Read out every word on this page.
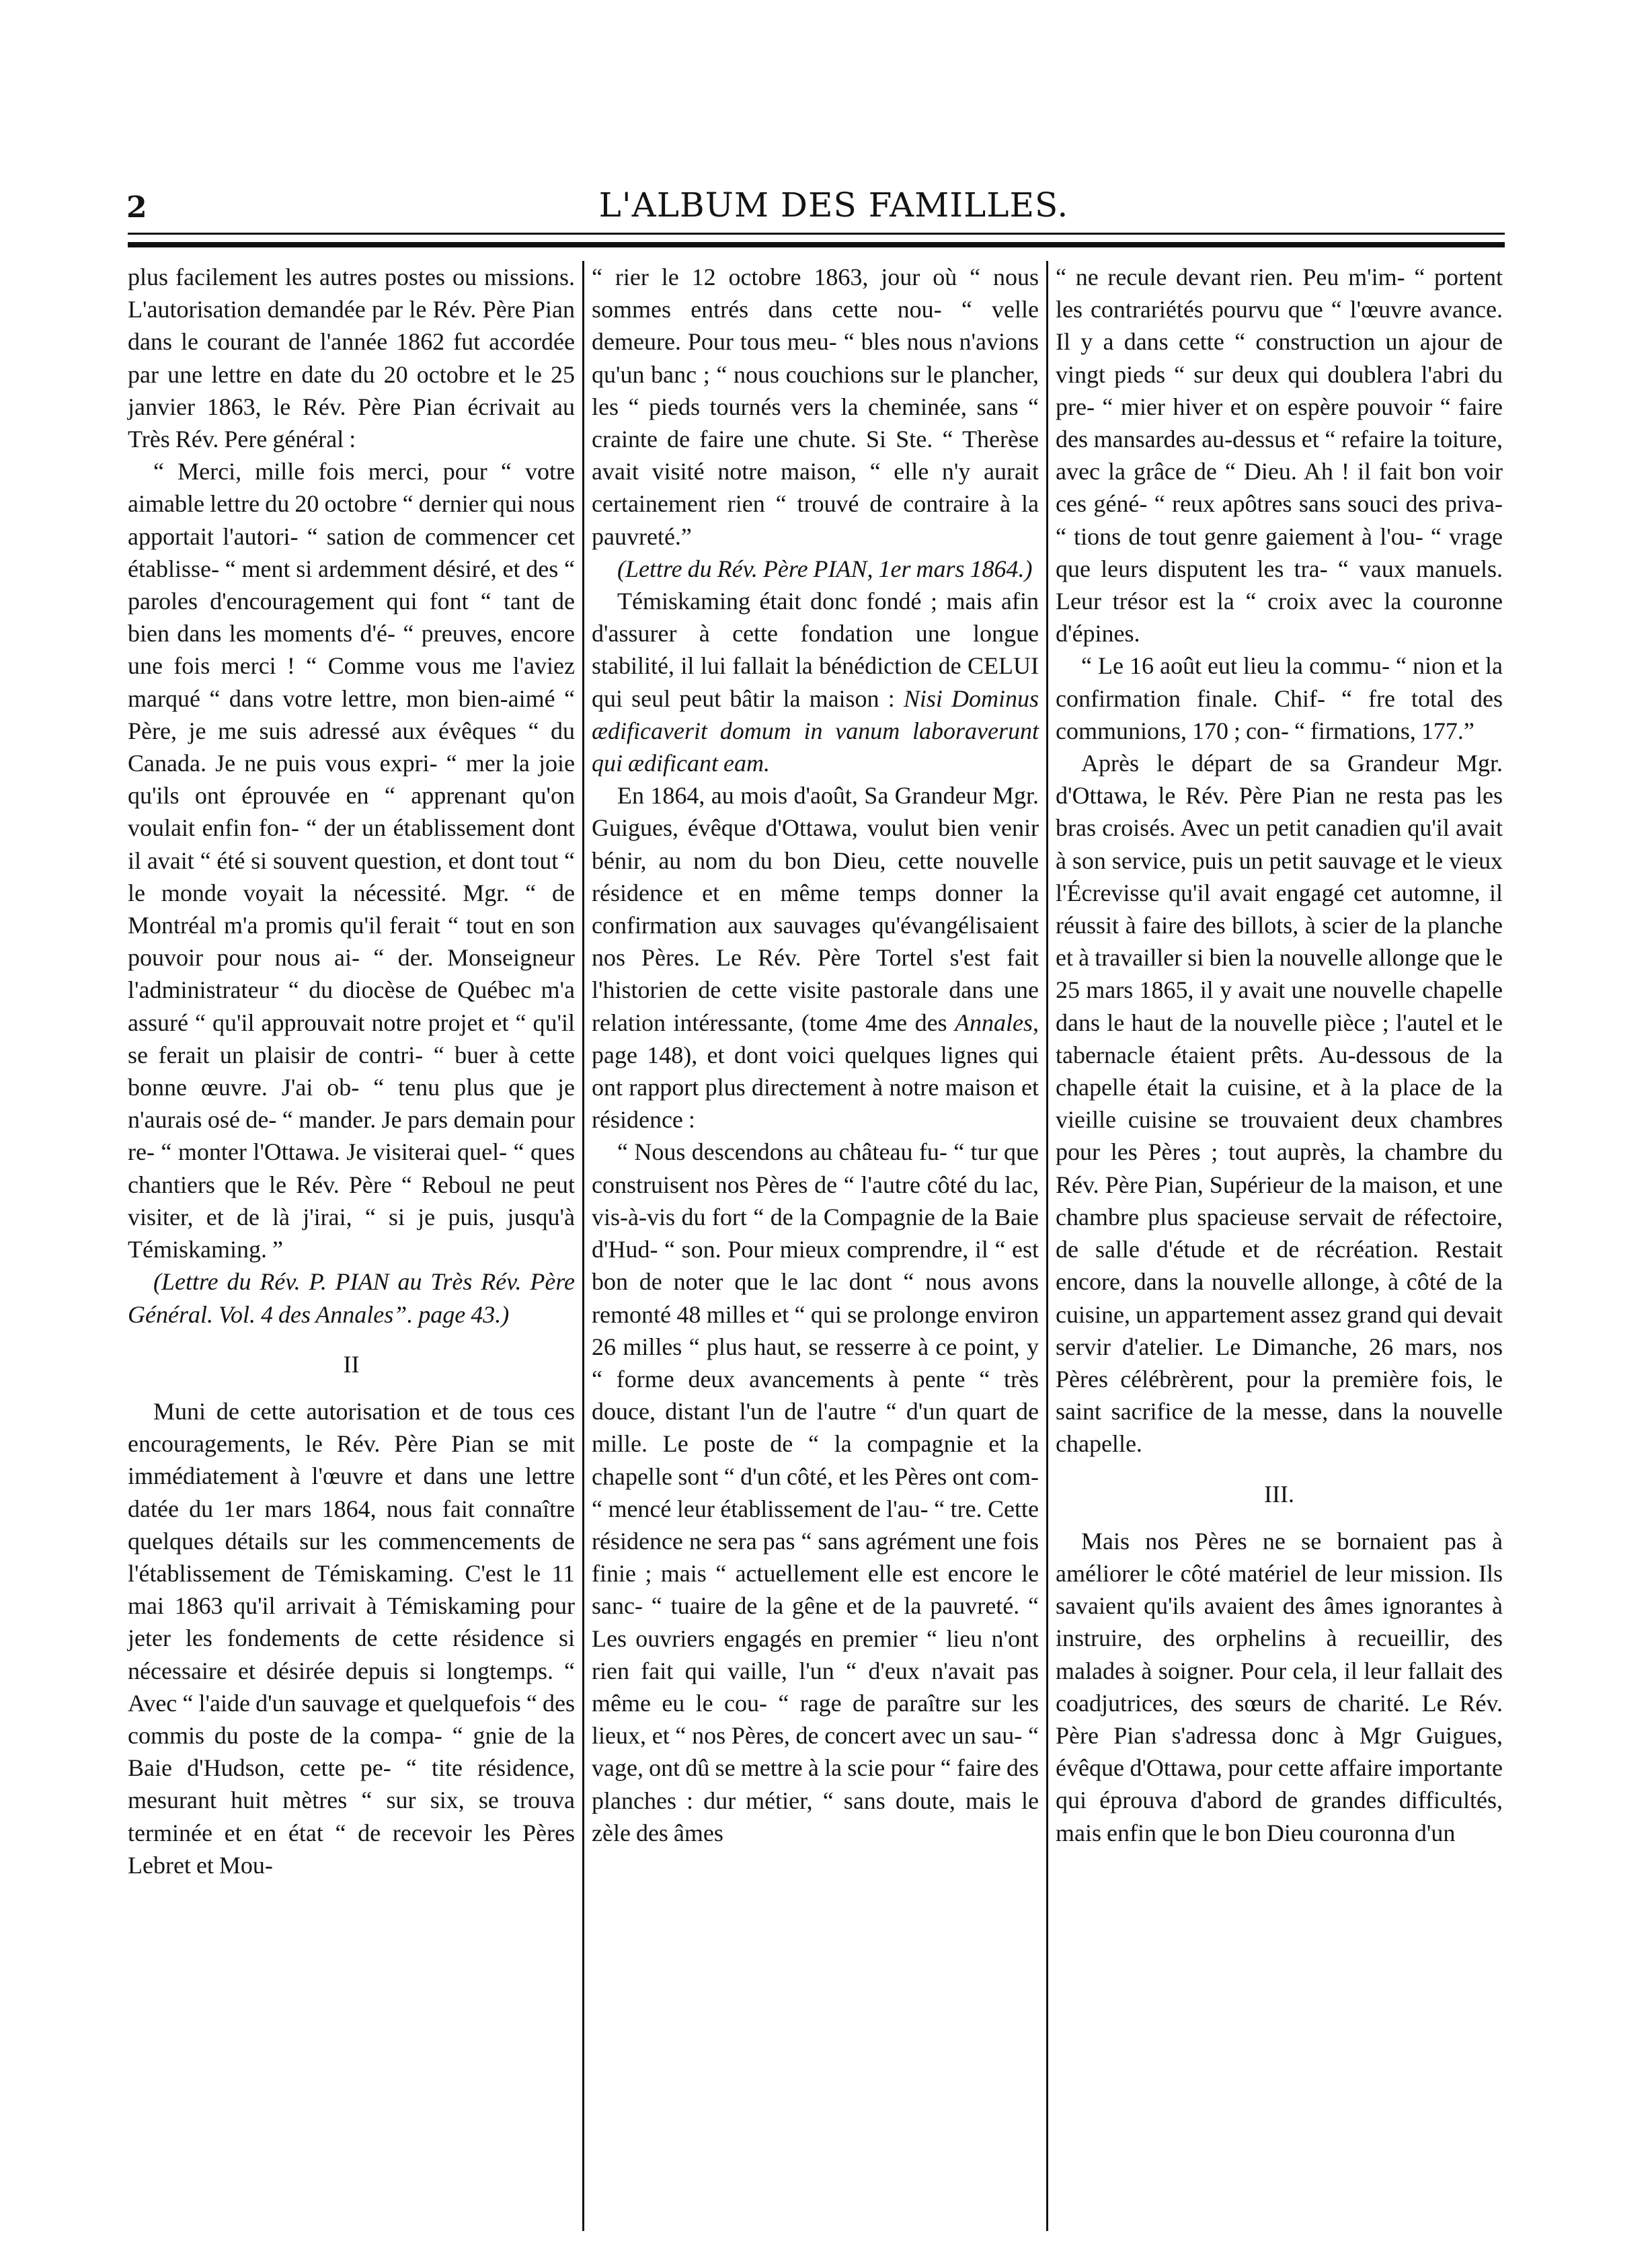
2	L'ALBUM DES FAMILLES.

plus facilement les autres postes ou missions. L'autorisation demandée par le Rév. Père Pian dans le courant de l'année 1862 fut accordée par une lettre en date du 20 octobre et le 25 janvier 1863, le Rév. Père Pian écrivait au Très Rév. Pere général :

“ Merci, mille fois merci, pour “ votre aimable lettre du 20 octobre “ dernier qui nous apportait l'autori- “ sation de commencer cet établisse- “ ment si ardemment désiré, et des “ paroles d'encouragement qui font “ tant de bien dans les moments d'é- “ preuves, encore une fois merci ! “ Comme vous me l'aviez marqué “ dans votre lettre, mon bien-aimé “ Père, je me suis adressé aux évêques “ du Canada. Je ne puis vous expri- “ mer la joie qu'ils ont éprouvée en “ apprenant qu'on voulait enfin fon- “ der un établissement dont il avait “ été si souvent question, et dont tout “ le monde voyait la nécessité. Mgr. “ de Montréal m'a promis qu'il ferait “ tout en son pouvoir pour nous ai- “ der. Monseigneur l'administrateur “ du diocèse de Québec m'a assuré “ qu'il approuvait notre projet et “ qu'il se ferait un plaisir de contri- “ buer à cette bonne œuvre. J'ai ob- “ tenu plus que je n'aurais osé de- “ mander. Je pars demain pour re- “ monter l'Ottawa. Je visiterai quel- “ ques chantiers que le Rév. Père “ Reboul ne peut visiter, et de là j'irai, “ si je puis, jusqu'à Témiskaming. ”

(Lettre du Rév. P. PIAN au Très Rév. Père Général. Vol. 4 des Annales”. page 43.)

II

Muni de cette autorisation et de tous ces encouragements, le Rév. Père Pian se mit immédiatement à l'œuvre et dans une lettre datée du 1er mars 1864, nous fait connaître quelques détails sur les commencements de l'établissement de Témiskaming. C'est le 11 mai 1863 qu'il arrivait à Témiskaming pour jeter les fondements de cette résidence si nécessaire et désirée depuis si longtemps. “ Avec “ l'aide d'un sauvage et quelquefois “ des commis du poste de la compa- “ gnie de la Baie d'Hudson, cette pe- “ tite résidence, mesurant huit mètres “ sur six, se trouva terminée et en état “ de recevoir les Pères Lebret et Mou-

“ rier le 12 octobre 1863, jour où “ nous sommes entrés dans cette nou- “ velle demeure. Pour tous meu- “ bles nous n'avions qu'un banc ; “ nous couchions sur le plancher, les “ pieds tournés vers la cheminée, sans “ crainte de faire une chute. Si Ste. “ Therèse avait visité notre maison, “ elle n'y aurait certainement rien “ trouvé de contraire à la pauvreté.”

(Lettre du Rév. Père PIAN, 1er mars 1864.)

Témiskaming était donc fondé ; mais afin d'assurer à cette fondation une longue stabilité, il lui fallait la bénédiction de CELUI qui seul peut bâtir la maison : Nisi Dominus ædificaverit domum in vanum laboraverunt qui ædificant eam.

En 1864, au mois d'août, Sa Grandeur Mgr. Guigues, évêque d'Ottawa, voulut bien venir bénir, au nom du bon Dieu, cette nouvelle résidence et en même temps donner la confirmation aux sauvages qu'évangélisaient nos Pères. Le Rév. Père Tortel s'est fait l'historien de cette visite pastorale dans une relation intéressante, (tome 4me des Annales, page 148), et dont voici quelques lignes qui ont rapport plus directement à notre maison et résidence :

“ Nous descendons au château fu- “ tur que construisent nos Pères de “ l'autre côté du lac, vis-à-vis du fort “ de la Compagnie de la Baie d'Hud- “ son. Pour mieux comprendre, il “ est bon de noter que le lac dont “ nous avons remonté 48 milles et “ qui se prolonge environ 26 milles “ plus haut, se resserre à ce point, y “ forme deux avancements à pente “ très douce, distant l'un de l'autre “ d'un quart de mille. Le poste de “ la compagnie et la chapelle sont “ d'un côté, et les Pères ont com- “ mencé leur établissement de l'au- “ tre. Cette résidence ne sera pas “ sans agrément une fois finie ; mais “ actuellement elle est encore le sanc- “ tuaire de la gêne et de la pauvreté. “ Les ouvriers engagés en premier “ lieu n'ont rien fait qui vaille, l'un “ d'eux n'avait pas même eu le cou- “ rage de paraître sur les lieux, et “ nos Pères, de concert avec un sau- “ vage, ont dû se mettre à la scie pour “ faire des planches : dur métier, “ sans doute, mais le zèle des âmes

“ ne recule devant rien. Peu m'im- “ portent les contrariétés pourvu que “ l'œuvre avance. Il y a dans cette “ construction un ajour de vingt pieds “ sur deux qui doublera l'abri du pre- “ mier hiver et on espère pouvoir “ faire des mansardes au-dessus et “ refaire la toiture, avec la grâce de “ Dieu. Ah ! il fait bon voir ces géné- “ reux apôtres sans souci des priva- “ tions de tout genre gaiement à l'ou- “ vrage que leurs disputent les tra- “ vaux manuels. Leur trésor est la “ croix avec la couronne d'épines.

“ Le 16 août eut lieu la commu- “ nion et la confirmation finale. Chif- “ fre total des communions, 170 ; con- “ firmations, 177.”

Après le départ de sa Grandeur Mgr. d'Ottawa, le Rév. Père Pian ne resta pas les bras croisés. Avec un petit canadien qu'il avait à son service, puis un petit sauvage et le vieux l'Écrevisse qu'il avait engagé cet automne, il réussit à faire des billots, à scier de la planche et à travailler si bien la nouvelle allonge que le 25 mars 1865, il y avait une nouvelle chapelle dans le haut de la nouvelle pièce ; l'autel et le tabernacle étaient prêts. Au-dessous de la chapelle était la cuisine, et à la place de la vieille cuisine se trouvaient deux chambres pour les Pères ; tout auprès, la chambre du Rév. Père Pian, Supérieur de la maison, et une chambre plus spacieuse servait de réfectoire, de salle d'étude et de récréation. Restait encore, dans la nouvelle allonge, à côté de la cuisine, un appartement assez grand qui devait servir d'atelier. Le Dimanche, 26 mars, nos Pères célébrèrent, pour la première fois, le saint sacrifice de la messe, dans la nouvelle chapelle.

III.

Mais nos Pères ne se bornaient pas à améliorer le côté matériel de leur mission. Ils savaient qu'ils avaient des âmes ignorantes à instruire, des orphelins à recueillir, des malades à soigner. Pour cela, il leur fallait des coadjutrices, des sœurs de charité. Le Rév. Père Pian s'adressa donc à Mgr Guigues, évêque d'Ottawa, pour cette affaire importante qui éprouva d'abord de grandes difficultés, mais enfin que le bon Dieu couronna d'un
